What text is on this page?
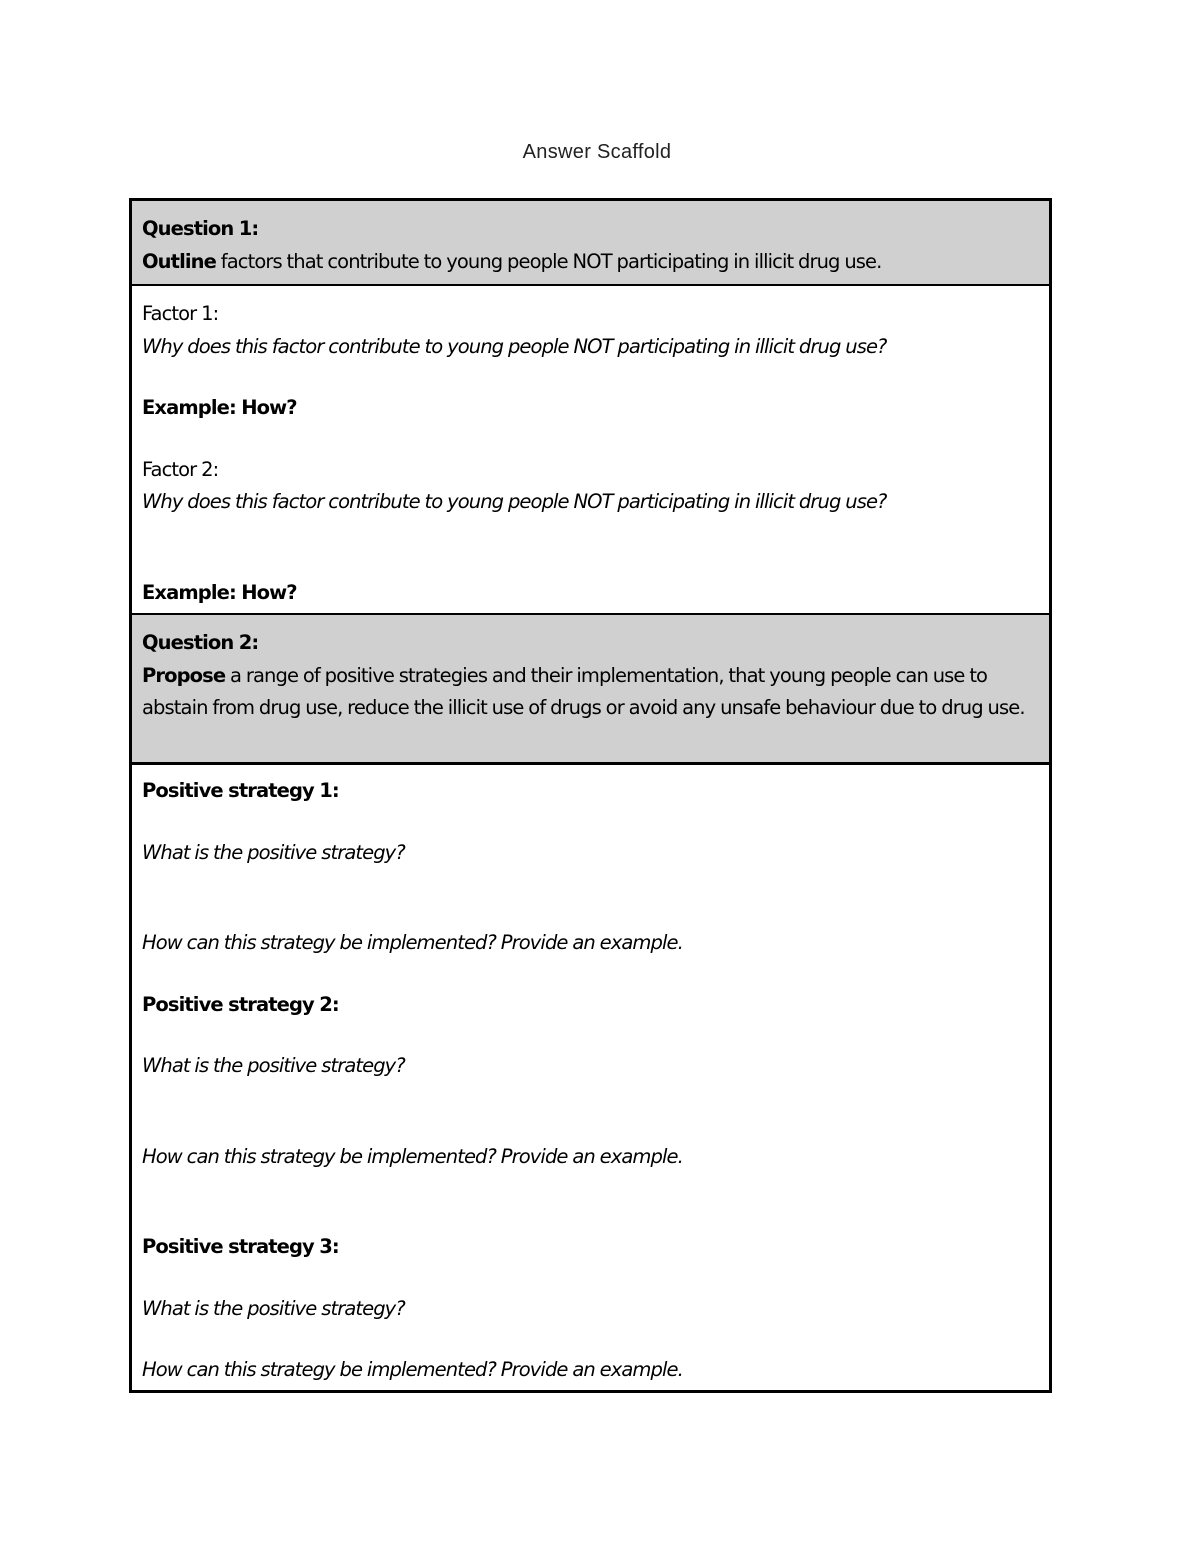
Answer Scaffold
Question 1:
Outline factors that contribute to young people NOT participating in illicit drug use.
Factor 1:
Why does this factor contribute to young people NOT participating in illicit drug use?
Example: How?
Factor 2:
Why does this factor contribute to young people NOT participating in illicit drug use?
Example: How?
Question 2:
Propose a range of positive strategies and their implementation, that young people can use to abstain from drug use, reduce the illicit use of drugs or avoid any unsafe behaviour due to drug use.
Positive strategy 1:
What is the positive strategy?
How can this strategy be implemented? Provide an example.
Positive strategy 2:
What is the positive strategy?
How can this strategy be implemented? Provide an example.
Positive strategy 3:
What is the positive strategy?
How can this strategy be implemented? Provide an example.
